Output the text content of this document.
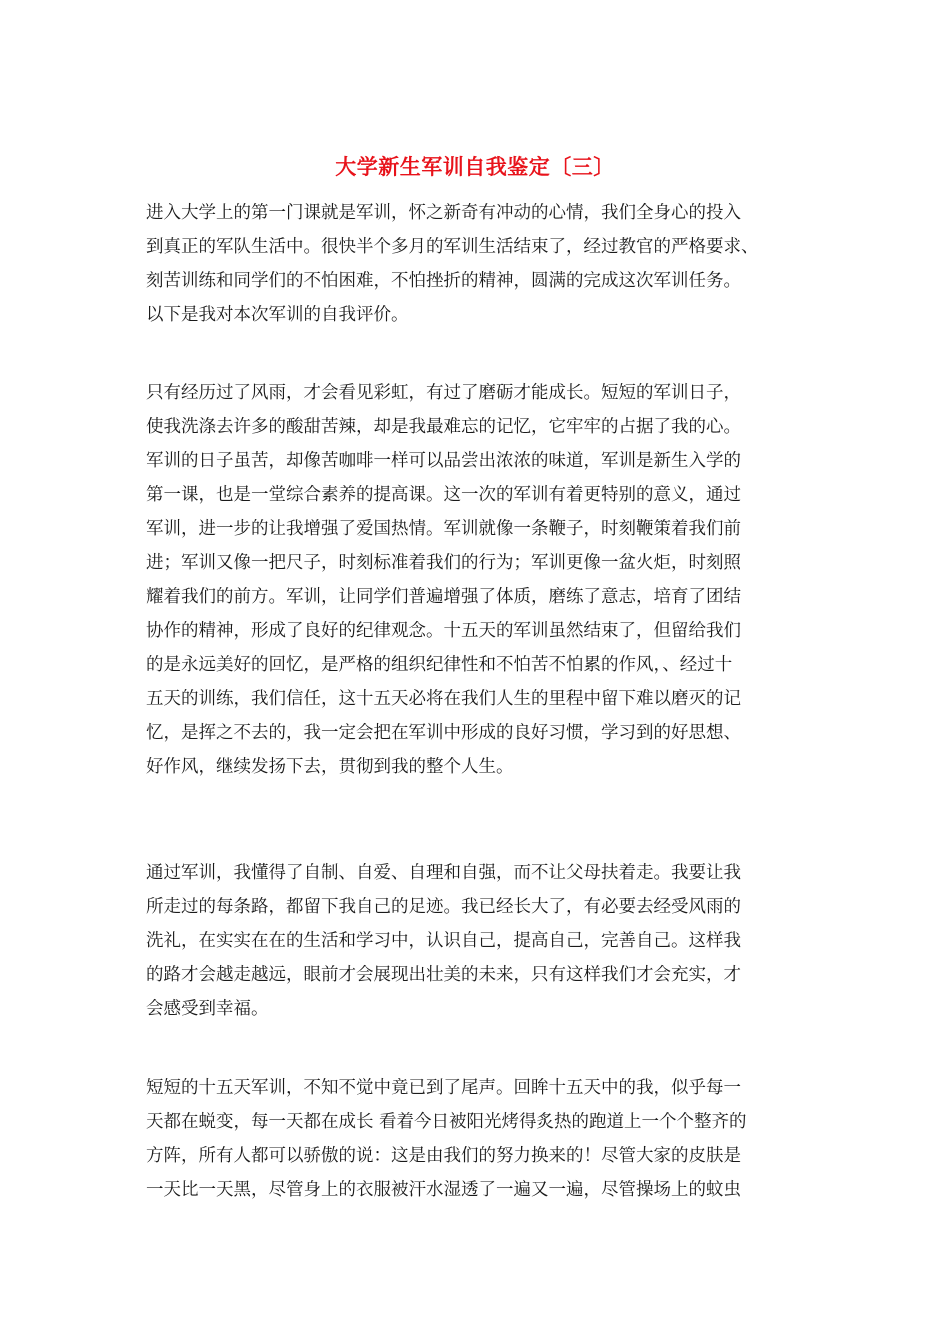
大学新生军训自我鉴定〔三〕
进入大学上的第一门课就是军训，怀之新奇有冲动的心情，我们全身心的投入
到真正的军队生活中。很快半个多月的军训生活结束了，经过教官的严格要求、
刻苦训练和同学们的不怕困难，不怕挫折的精神，圆满的完成这次军训任务。
以下是我对本次军训的自我评价。
只有经历过了风雨，才会看见彩虹，有过了磨砺才能成长。短短的军训日子，
使我洗涤去许多的酸甜苦辣，却是我最难忘的记忆，它牢牢的占据了我的心。
军训的日子虽苦，却像苦咖啡一样可以品尝出浓浓的味道，军训是新生入学的
第一课，也是一堂综合素养的提高课。这一次的军训有着更特别的意义，通过
军训，进一步的让我增强了爱国热情。军训就像一条鞭子，时刻鞭策着我们前
进；军训又像一把尺子，时刻标准着我们的行为；军训更像一盆火炬，时刻照
耀着我们的前方。军训，让同学们普遍增强了体质，磨练了意志，培育了团结
协作的精神，形成了良好的纪律观念。十五天的军训虽然结束了，但留给我们
的是永远美好的回忆，是严格的组织纪律性和不怕苦不怕累的作风，、经过十
五天的训练，我们信任，这十五天必将在我们人生的里程中留下难以磨灭的记
忆，是挥之不去的，我一定会把在军训中形成的良好习惯，学习到的好思想、
好作风，继续发扬下去，贯彻到我的整个人生。
通过军训，我懂得了自制、自爱、自理和自强，而不让父母扶着走。我要让我
所走过的每条路，都留下我自己的足迹。我已经长大了，有必要去经受风雨的
洗礼，在实实在在的生活和学习中，认识自己，提高自己，完善自己。这样我
的路才会越走越远，眼前才会展现出壮美的未来，只有这样我们才会充实，才
会感受到幸福。
短短的十五天军训，不知不觉中竟已到了尾声。回眸十五天中的我，似乎每一
天都在蜕变，每一天都在成长 看着今日被阳光烤得炙热的跑道上一个个整齐的
方阵，所有人都可以骄傲的说：这是由我们的努力换来的！尽管大家的皮肤是
一天比一天黑，尽管身上的衣服被汗水湿透了一遍又一遍，尽管操场上的蚊虫
